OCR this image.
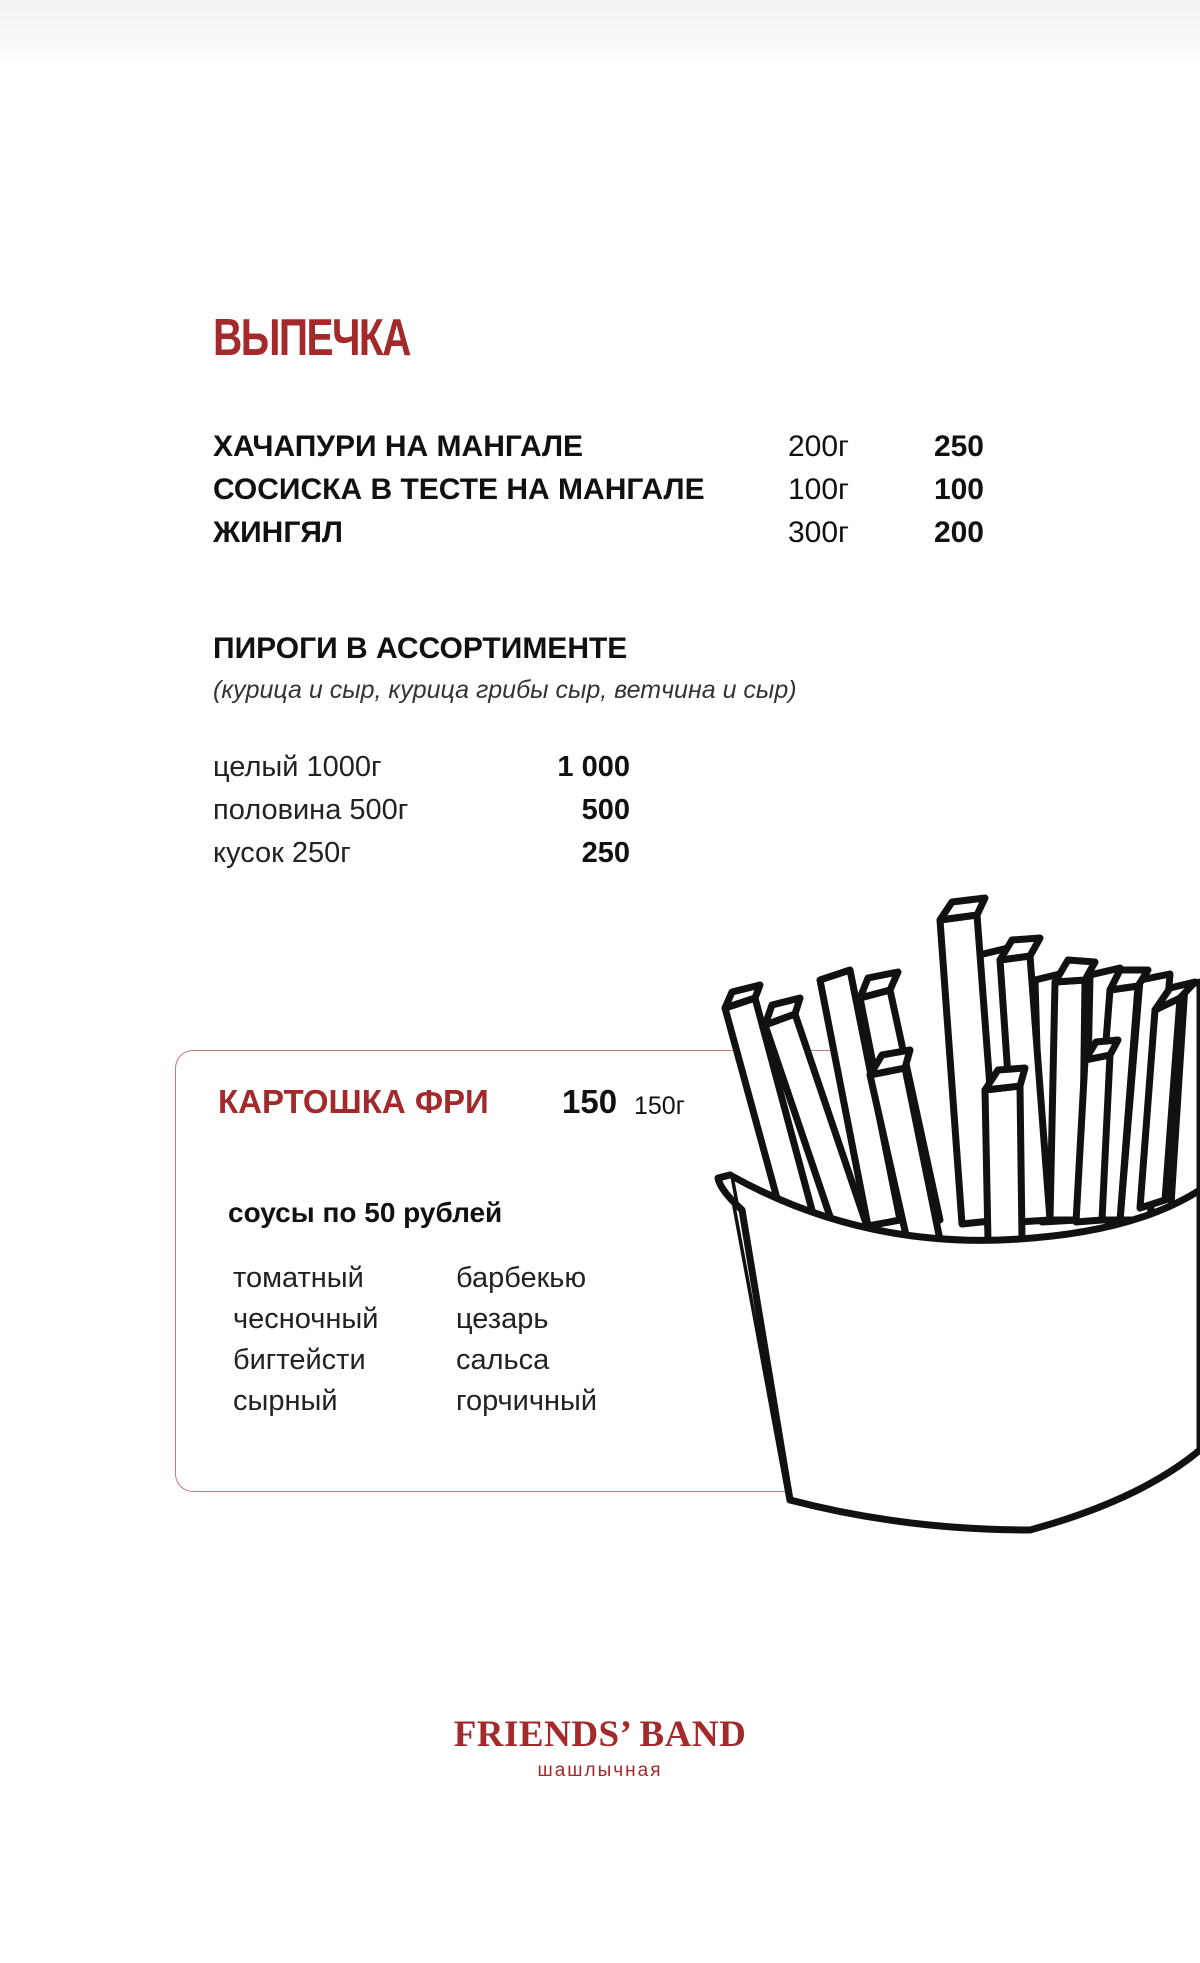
ВЫПЕЧКА
ХАЧАПУРИ НА МАНГАЛЕ	200г	250
СОСИСКА В ТЕСТЕ НА МАНГАЛЕ	100г	100
ЖИНГЯЛ	300г	200
ПИРОГИ В АССОРТИМЕНТЕ
(курица и сыр, курица грибы сыр, ветчина и сыр)
целый 1000г	1 000
половина 500г	500
кусок 250г	250
КАРТОШКА ФРИ 150 150г
соусы по 50 рублей
томатный
чесночный
бигтейсти
сырный
барбекью
цезарь
сальса
горчичный
FRIENDS’ BAND
шашлычная
